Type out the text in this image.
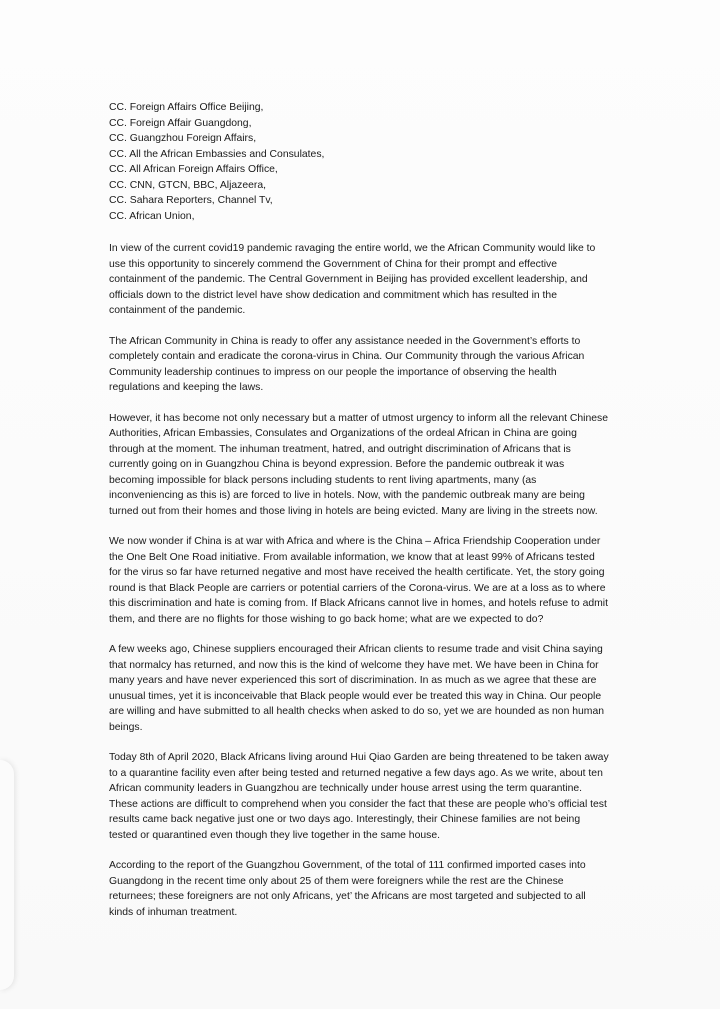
CC. Foreign Affairs Office Beijing,
CC. Foreign Affair Guangdong,
CC. Guangzhou Foreign Affairs,
CC. All the African Embassies and Consulates,
CC. All African Foreign Affairs Office,
CC. CNN, GTCN, BBC, Aljazeera,
CC. Sahara Reporters, Channel Tv,
CC. African Union,

In view of the current covid19 pandemic ravaging the entire world, we the African Community would like to use this opportunity to sincerely commend the Government of China for their prompt and effective containment of the pandemic. The Central Government in Beijing has provided excellent leadership, and officials down to the district level have show dedication and commitment which has resulted in the containment of the pandemic.

The African Community in China is ready to offer any assistance needed in the Government’s efforts to completely contain and eradicate the corona-virus in China. Our Community through the various African Community leadership continues to impress on our people the importance of observing the health regulations and keeping the laws.

However, it has become not only necessary but a matter of utmost urgency to inform all the relevant Chinese Authorities, African Embassies, Consulates and Organizations of the ordeal African in China are going through at the moment. The inhuman treatment, hatred, and outright discrimination of Africans that is currently going on in Guangzhou China is beyond expression. Before the pandemic outbreak it was becoming impossible for black persons including students to rent living apartments, many (as inconveniencing as this is) are forced to live in hotels. Now, with the pandemic outbreak many are being turned out from their homes and those living in hotels are being evicted. Many are living in the streets now.

We now wonder if China is at war with Africa and where is the China – Africa Friendship Cooperation under the One Belt One Road initiative. From available information, we know that at least 99% of Africans tested for the virus so far have returned negative and most have received the health certificate. Yet, the story going round is that Black People are carriers or potential carriers of the Corona-virus. We are at a loss as to where this discrimination and hate is coming from. If Black Africans cannot live in homes, and hotels refuse to admit them, and there are no flights for those wishing to go back home; what are we expected to do?

A few weeks ago, Chinese suppliers encouraged their African clients to resume trade and visit China saying that normalcy has returned, and now this is the kind of welcome they have met. We have been in China for many years and have never experienced this sort of discrimination. In as much as we agree that these are unusual times, yet it is inconceivable that Black people would ever be treated this way in China. Our people are willing and have submitted to all health checks when asked to do so, yet we are hounded as non human beings.

Today 8th of April 2020, Black Africans living around Hui Qiao Garden are being threatened to be taken away to a quarantine facility even after being tested and returned negative a few days ago. As we write, about ten African community leaders in Guangzhou are technically under house arrest using the term quarantine. These actions are difficult to comprehend when you consider the fact that these are people who’s official test results came back negative just one or two days ago. Interestingly, their Chinese families are not being tested or quarantined even though they live together in the same house.

According to the report of the Guangzhou Government, of the total of 111 confirmed imported cases into Guangdong in the recent time only about 25 of them were foreigners while the rest are the Chinese returnees; these foreigners are not only Africans, yet’ the Africans are most targeted and subjected to all kinds of inhuman treatment.
